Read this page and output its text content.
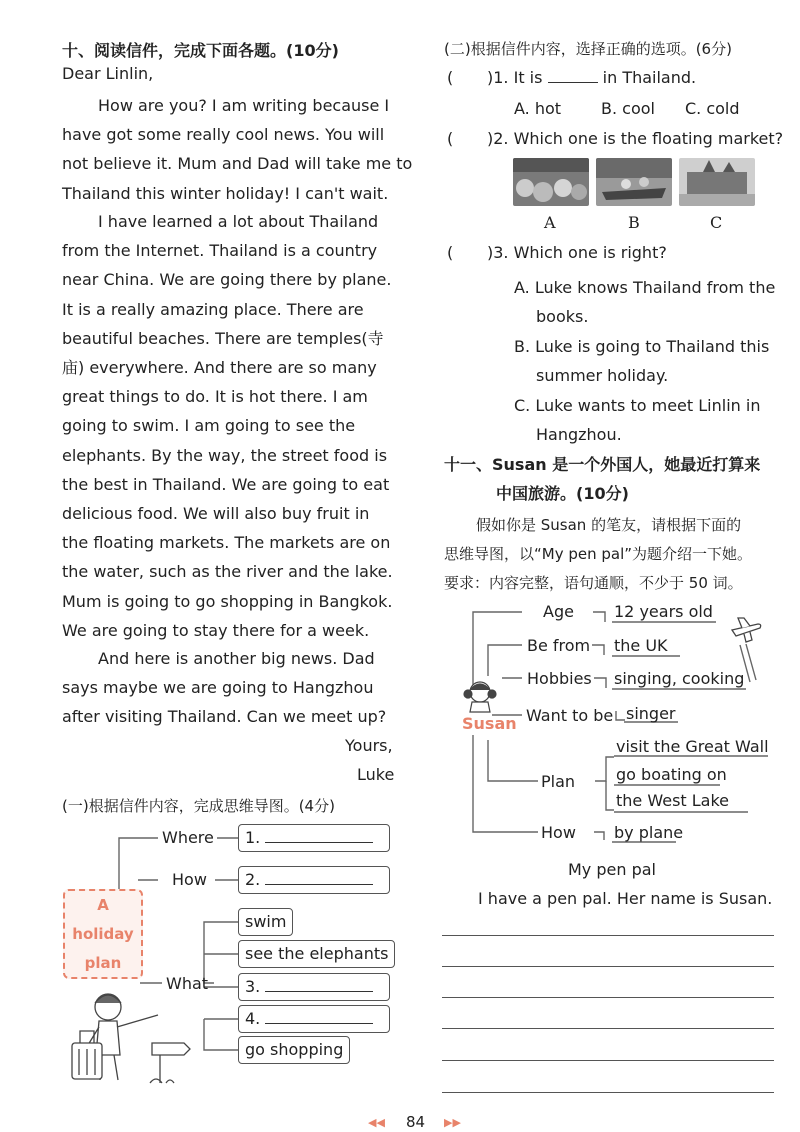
十、阅读信件，完成下面各题。(10分)
Dear Linlin,
How are you? I am writing because I
have got some really cool news. You will
not believe it. Mum and Dad will take me to
Thailand this winter holiday! I can't wait.
I have learned a lot about Thailand
from the Internet. Thailand is a country
near China. We are going there by plane.
It is a really amazing place. There are
beautiful beaches. There are temples(寺
庙) everywhere. And there are so many
great things to do. It is hot there. I am
going to swim. I am going to see the
elephants. By the way, the street food is
the best in Thailand. We are going to eat
delicious food. We will also buy fruit in
the floating markets. The markets are on
the water, such as the river and the lake.
Mum is going to go shopping in Bangkok.
We are going to stay there for a week.
And here is another big news. Dad
says maybe we are going to Hangzhou
after visiting Thailand. Can we meet up?
Yours,
Luke
(一)根据信件内容，完成思维导图。(4分)
A
holiday
plan
Where
How
What
1.
2.
swim
see the elephants
3.
4.
go shopping
(二)根据信件内容，选择正确的选项。(6分)
( )1. It is	in Thailand.
A. hot B. cool C. cold
( )2. Which one is the floating market?
A	B	C
( )3. Which one is right?
A. Luke knows Thailand from the
books.
B. Luke is going to Thailand this
summer holiday.
C. Luke wants to meet Linlin in
Hangzhou.
十一、Susan 是一个外国人，她最近打算来
中国旅游。(10分)
假如你是 Susan 的笔友，请根据下面的
思维导图，以“My pen pal”为题介绍一下她。
要求：内容完整，语句通顺，不少于 50 词。
Susan
Age	12 years old
Be from the UK
Hobbies singing, cooking
Want to be singer
Plan
visit the Great Wall
go boating on
the West Lake
How by plane
My pen pal
I have a pen pal. Her name is Susan.
◀◀ 84 ▶▶
